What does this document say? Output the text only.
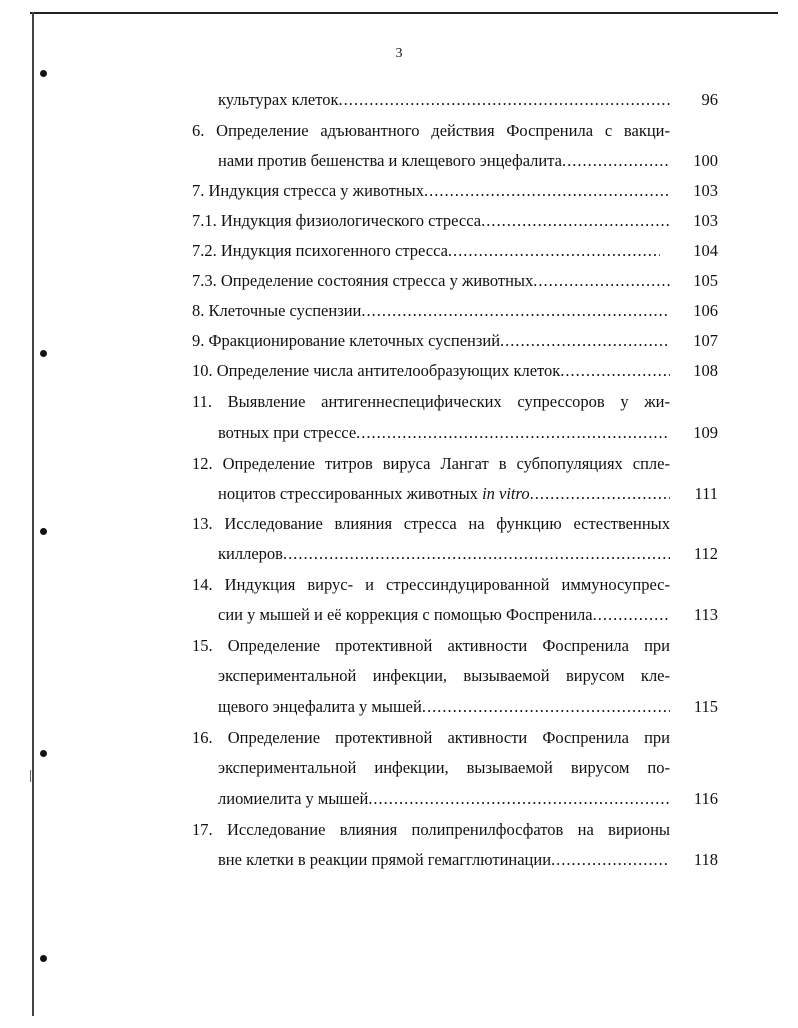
3
культурах клеток .....	96
6. Определение адъювантного действия Фоспренила с вакци-
нами против бешенства и клещевого энцефалита .....	100
7. Индукция стресса у животных .....	103
7.1. Индукция физиологического стресса .....	103
7.2. Индукция психогенного стресса .....	104
7.3. Определение состояния стресса у животных .....	105
8. Клеточные суспензии .....	106
9. Фракционирование клеточных суспензий .....	107
10. Определение числа антителообразующих клеток .....	108
11. Выявление антигеннеспецифических супрессоров у жи-
вотных при стрессе .....	109
12. Определение титров вируса Лангат в субпопуляциях спле-
ноцитов стрессированных животных
in vitro .....	111
13. Исследование влияния стресса на функцию естественных
киллеров .....	112
14. Индукция вирус- и стрессиндуцированной иммуносупрес-
сии у мышей и её коррекция с помощью Фоспренила .....	113
15. Определение протективной активности Фоспренила при
экспериментальной инфекции, вызываемой вирусом кле-
щевого энцефалита у мышей .....	115
16. Определение протективной активности Фоспренила при
экспериментальной инфекции, вызываемой вирусом по-
лиомиелита у мышей .....	116
17. Исследование влияния полипренилфосфатов на вирионы
вне клетки в реакции прямой гемагглютинации .....	118
